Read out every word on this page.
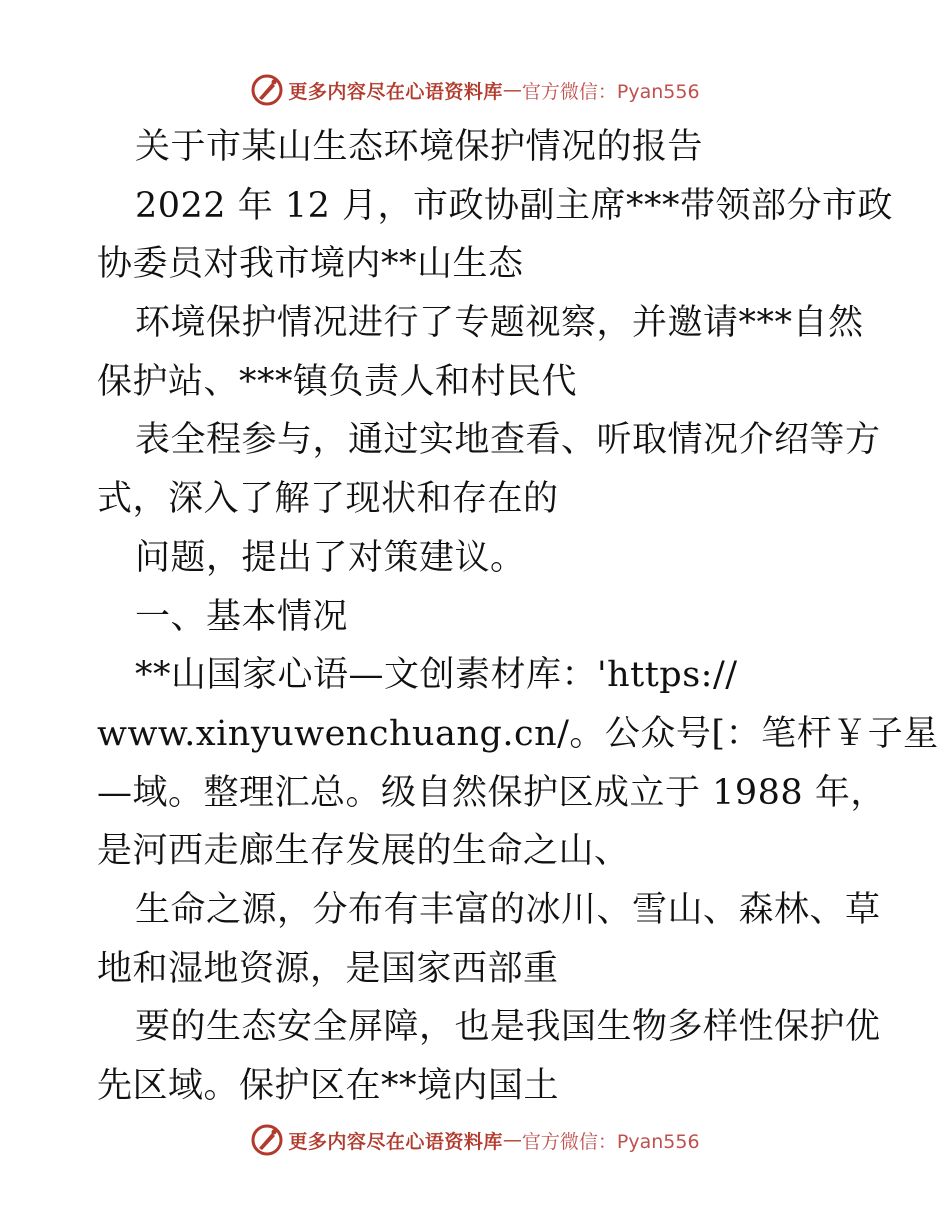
更多内容尽在心语资料库 — 官方微信：Pyan556
关于市某山生态环境保护情况的报告
2022 年 12 月，市政协副主席***带领部分市政
协委员对我市境内**山生态
环境保护情况进行了专题视察，并邀请***自然
保护站、***镇负责人和村民代
表全程参与，通过实地查看、听取情况介绍等方
式，深入了解了现状和存在的
问题，提出了对策建议。
一、基本情况
**山国家心语—文创素材库：'https://
www.xinyuwenchuang.cn/。公众号[：笔杆￥子星
—域。整理汇总。级自然保护区成立于 1988 年，
是河西走廊生存发展的生命之山、
生命之源，分布有丰富的冰川、雪山、森林、草
地和湿地资源，是国家西部重
要的生态安全屏障，也是我国生物多样性保护优
先区域。保护区在**境内国土
更多内容尽在心语资料库 — 官方微信：Pyan556
